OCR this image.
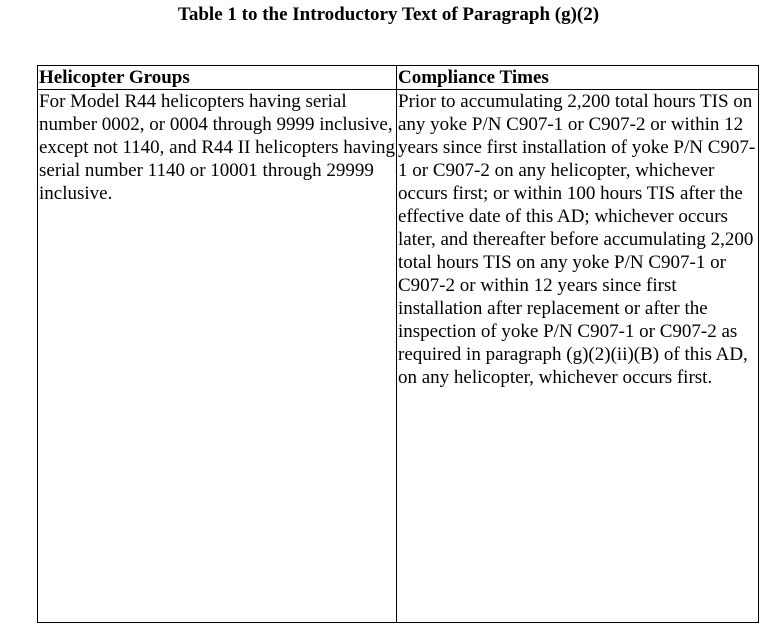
Table 1 to the Introductory Text of Paragraph (g)(2)
Helicopter Groups	Compliance Times
For Model R44 helicopters having serial number 0002, or 0004 through 9999 inclusive, except not 1140, and R44 II helicopters having serial number 1140 or 10001 through 29999 inclusive.	Prior to accumulating 2,200 total hours TIS on any yoke P/N C907-1 or C907-2 or within 12 years since first installation of yoke P/N C907-1 or C907-2 on any helicopter, whichever occurs first; or within 100 hours TIS after the effective date of this AD; whichever occurs later, and thereafter before accumulating 2,200 total hours TIS on any yoke P/N C907-1 or C907-2 or within 12 years since first installation after replacement or after the inspection of yoke P/N C907-1 or C907-2 as required in paragraph (g)(2)(ii)(B) of this AD, on any helicopter, whichever occurs first.
